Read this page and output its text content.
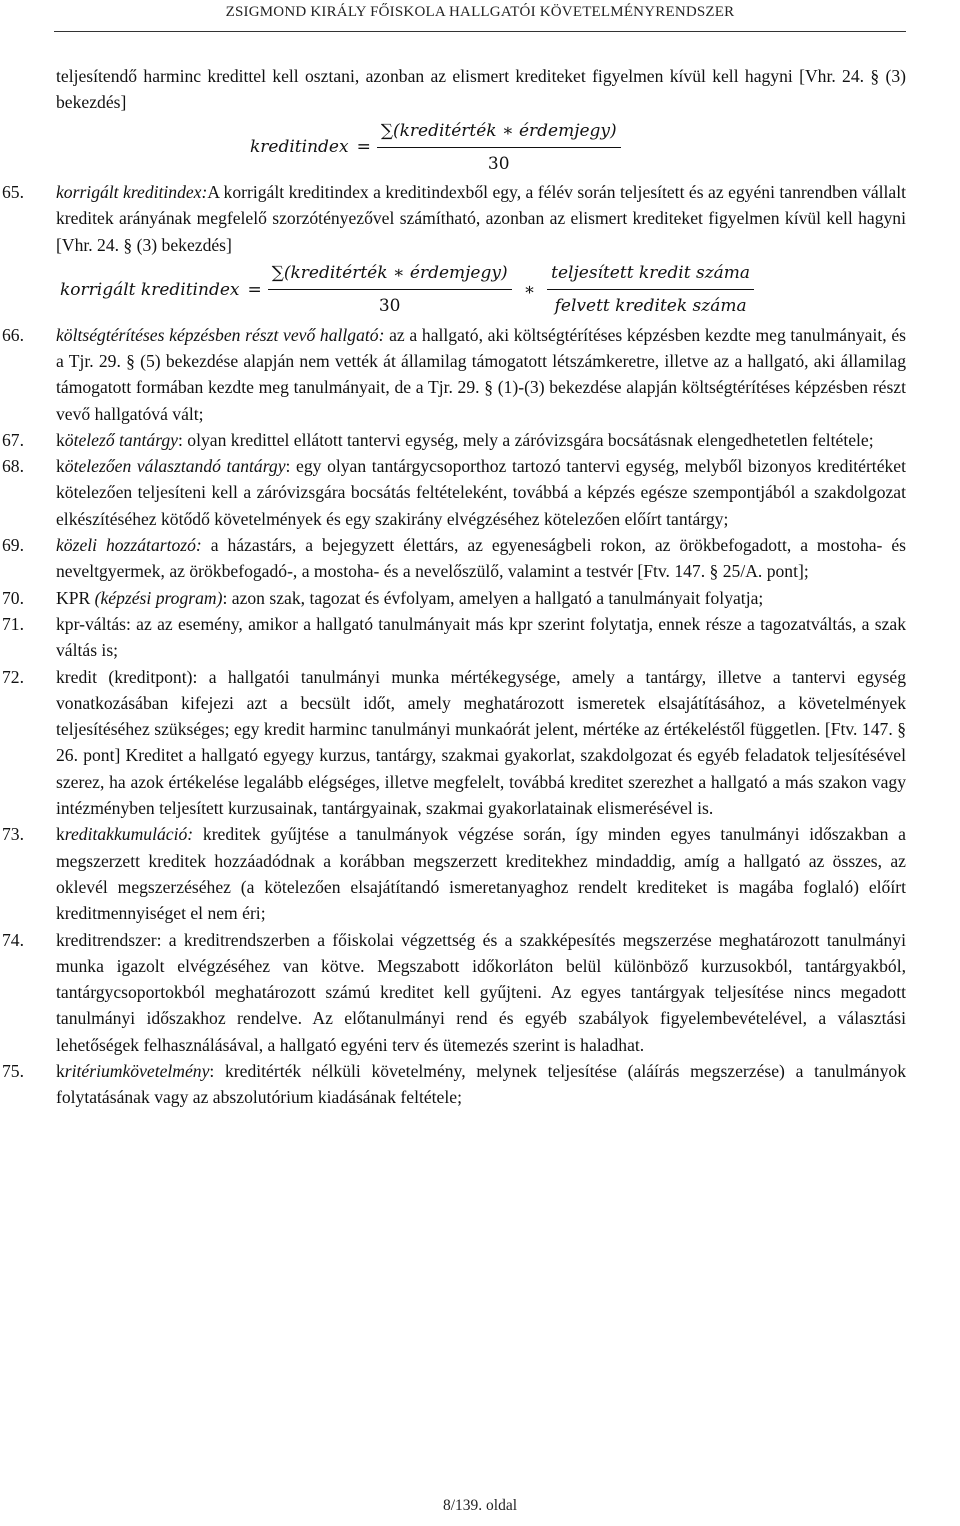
ZSIGMOND KIRÁLY FŐISKOLA HALLGATÓI KÖVETELMÉNYRENDSZER

teljesítendő harminc kredittel kell osztani, azonban az elismert krediteket figyelmen kívül kell hagyni [Vhr. 24. § (3) bekezdés]

kreditindex = $\frac{\text{∑(kreditérték ∗ érdemjegy)}}{30}$

65.	korrigált kreditindex:A korrigált kreditindex a kreditindexből egy, a félév során teljesített és az egyéni tanrendben vállalt kreditek arányának megfelelő szorzótényezővel számítható, azonban az elismert krediteket figyelmen kívül kell hagyni [Vhr. 24. § (3) bekezdés]

korrigált kreditindex = $\frac{\text{∑(kreditérték ∗ érdemjegy)}}{30}$ ∗ $\frac{\text{teljesített kredit száma}}{\text{felvett kreditek száma}}$

66.	költségtérítéses képzésben részt vevő hallgató: az a hallgató, aki költségtérítéses képzésben kezdte meg tanulmányait, és a Tjr. 29. § (5) bekezdése alapján nem vették át államilag támogatott létszámkeretre, illetve az a hallgató, aki államilag támogatott formában kezdte meg tanulmányait, de a Tjr. 29. § (1)-(3) bekezdése alapján költségtérítéses képzésben részt vevő hallgatóvá vált;

67.	kötelező tantárgy: olyan kredittel ellátott tantervi egység, mely a záróvizsgára bocsátásnak elengedhetetlen feltétele;

68.	kötelezően választandó tantárgy: egy olyan tantárgycsoporthoz tartozó tantervi egység, melyből bizonyos kreditértéket kötelezően teljesíteni kell a záróvizsgára bocsátás feltételeként, továbbá a képzés egésze szempontjából a szakdolgozat elkészítéséhez kötődő követelmények és egy szakirány elvégzéséhez kötelezően előírt tantárgy;

69.	közeli hozzátartozó: a házastárs, a bejegyzett élettárs, az egyeneságbeli rokon, az örökbefogadott, a mostoha- és neveltgyermek, az örökbefogadó-, a mostoha- és a nevelőszülő, valamint a testvér [Ftv. 147. § 25/A. pont];

70.	KPR (képzési program): azon szak, tagozat és évfolyam, amelyen a hallgató a tanulmányait folyatja;

71.	kpr-váltás: az az esemény, amikor a hallgató tanulmányait más kpr szerint folytatja, ennek része a tagozatváltás, a szak váltás is;

72.	kredit (kreditpont): a hallgatói tanulmányi munka mértékegysége, amely a tantárgy, illetve a tantervi egység vonatkozásában kifejezi azt a becsült időt, amely meghatározott ismeretek elsajátításához, a követelmények teljesítéséhez szükséges; egy kredit harminc tanulmányi munkaórát jelent, mértéke az értékeléstől független. [Ftv. 147. § 26. pont] Kreditet a hallgató egyegy kurzus, tantárgy, szakmai gyakorlat, szakdolgozat és egyéb feladatok teljesítésével szerez, ha azok értékelése legalább elégséges, illetve megfelelt, továbbá kreditet szerezhet a hallgató a más szakon vagy intézményben teljesített kurzusainak, tantárgyainak, szakmai gyakorlatainak elismerésével is.

73.	kreditakkumuláció: kreditek gyűjtése a tanulmányok végzése során, így minden egyes tanulmányi időszakban a megszerzett kreditek hozzáadódnak a korábban megszerzett kreditekhez mindaddig, amíg a hallgató az összes, az oklevél megszerzéséhez (a kötelezően elsajátítandó ismeretanyaghoz rendelt krediteket is magába foglaló) előírt kreditmennyiséget el nem éri;

74.	kreditrendszer: a kreditrendszerben a főiskolai végzettség és a szakképesítés megszerzése meghatározott tanulmányi munka igazolt elvégzéséhez van kötve. Megszabott időkorláton belül különböző kurzusokból, tantárgyakból, tantárgycsoportokból meghatározott számú kreditet kell gyűjteni. Az egyes tantárgyak teljesítése nincs megadott tanulmányi időszakhoz rendelve. Az előtanulmányi rend és egyéb szabályok figyelembevételével, a választási lehetőségek felhasználásával, a hallgató egyéni terv és ütemezés szerint is haladhat.

75.	kritériumkövetelmény: kreditérték nélküli követelmény, melynek teljesítése (aláírás megszerzése) a tanulmányok folytatásának vagy az abszolutórium kiadásának feltétele;

8/139. oldal
